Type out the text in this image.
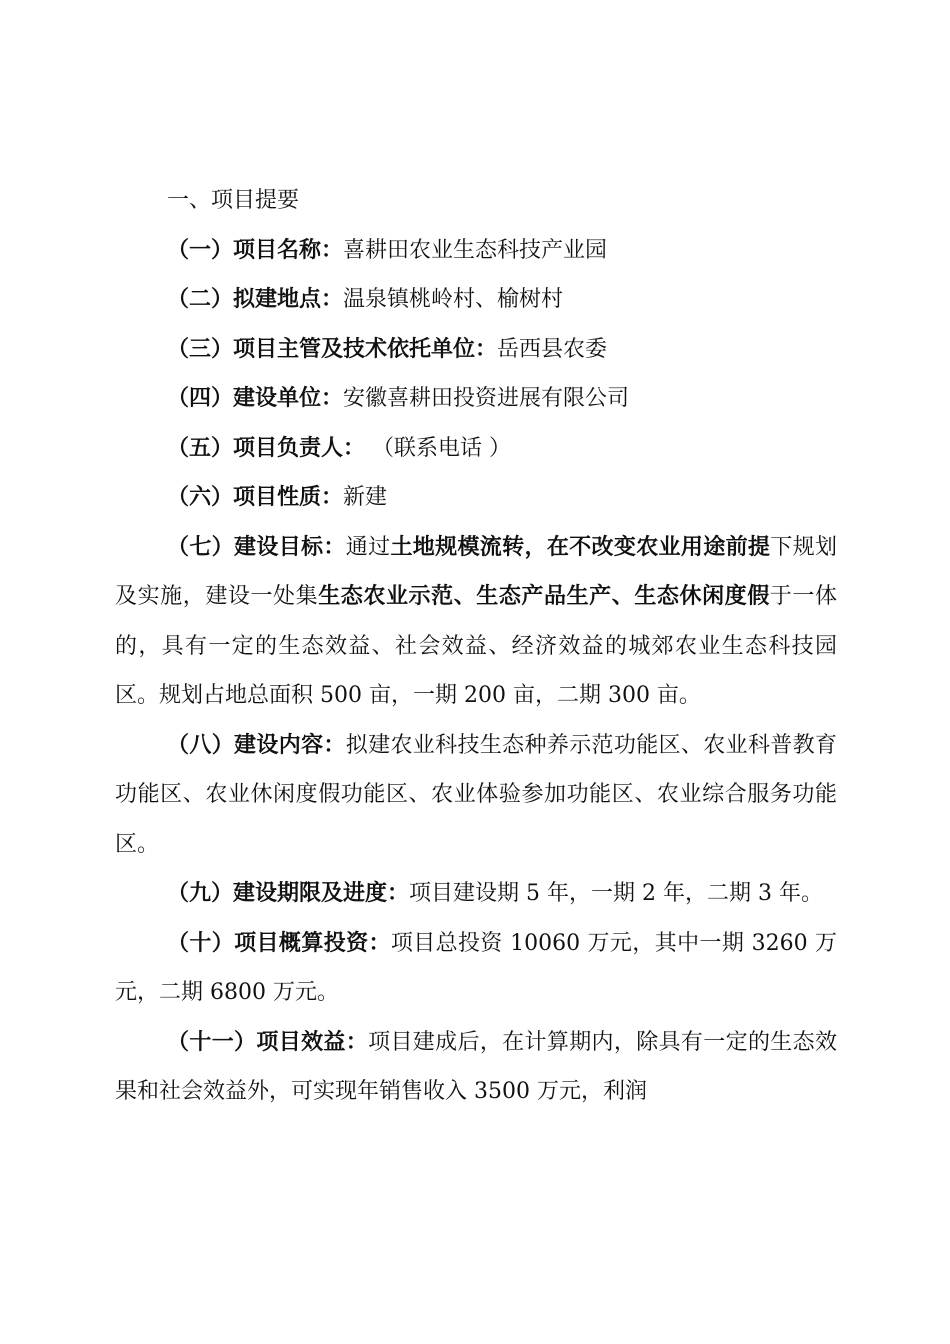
一、项目提要

（一）项目名称：喜耕田农业生态科技产业园

（二）拟建地点：温泉镇桃岭村、榆树村

（三）项目主管及技术依托单位：岳西县农委

（四）建设单位：安徽喜耕田投资进展有限公司

（五）项目负责人： （联系电话 ）

（六）项目性质：新建

（七）建设目标：通过土地规模流转，在不改变农业用途前提下规划及实施，建设一处集生态农业示范、生态产品生产、生态休闲度假于一体的，具有一定的生态效益、社会效益、经济效益的城郊农业生态科技园区。规划占地总面积 500 亩，一期 200 亩，二期 300 亩。

（八）建设内容：拟建农业科技生态种养示范功能区、农业科普教育功能区、农业休闲度假功能区、农业体验参加功能区、农业综合服务功能区。

（九）建设期限及进度：项目建设期 5 年，一期 2 年，二期 3 年。

（十）项目概算投资：项目总投资 10060 万元，其中一期 3260 万元，二期 6800 万元。

（十一）项目效益：项目建成后，在计算期内，除具有一定的生态效果和社会效益外，可实现年销售收入 3500 万元，利润
